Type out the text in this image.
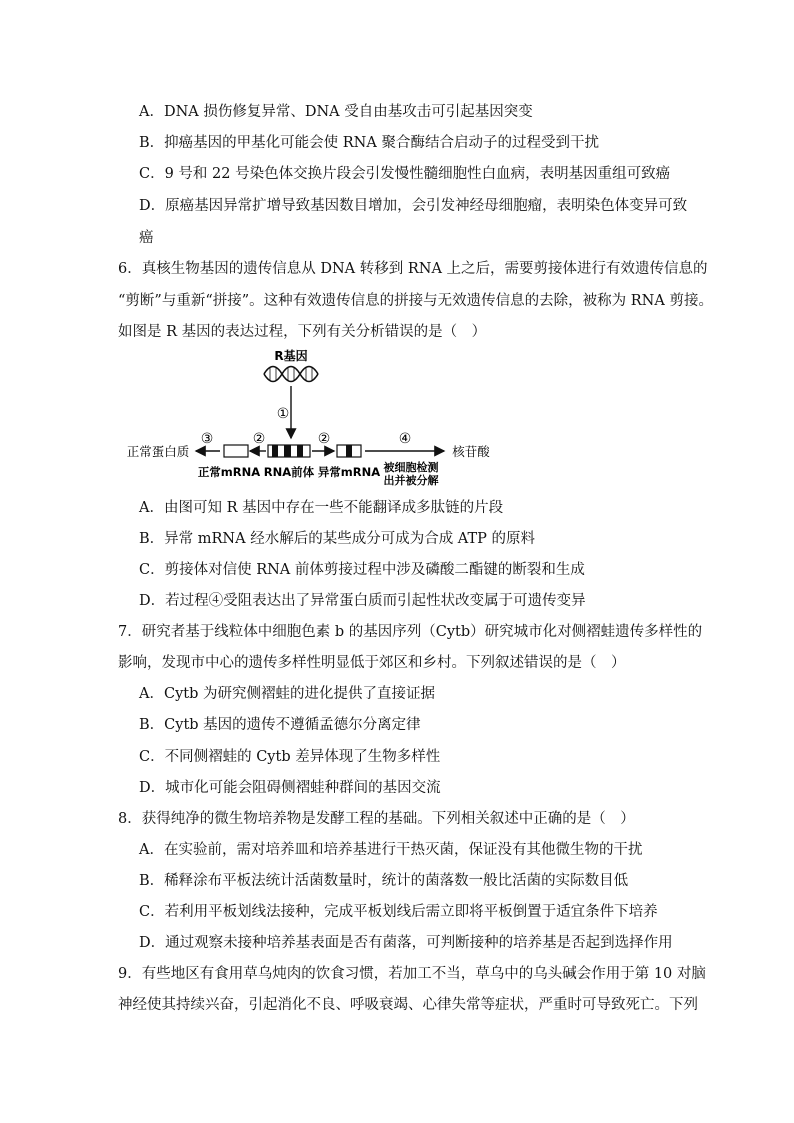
A．DNA 损伤修复异常、DNA 受自由基攻击可引起基因突变
B．抑癌基因的甲基化可能会使 RNA 聚合酶结合启动子的过程受到干扰
C．9 号和 22 号染色体交换片段会引发慢性髓细胞性白血病，表明基因重组可致癌
D．原癌基因异常扩增导致基因数目增加，会引发神经母细胞瘤，表明染色体变异可致
癌
6．真核生物基因的遗传信息从 DNA 转移到 RNA 上之后，需要剪接体进行有效遗传信息的
“剪断”与重新“拼接”。这种有效遗传信息的拼接与无效遗传信息的去除，被称为 RNA 剪接。
如图是 R 基因的表达过程，下列有关分析错误的是（　）
R基因
①
②
③
正常蛋白质
②	④
核苷酸
正常mRNA RNA前体 异常mRNA 被细胞检测
出并被分解
A．由图可知 R 基因中存在一些不能翻译成多肽链的片段
B．异常 mRNA 经水解后的某些成分可成为合成 ATP 的原料
C．剪接体对信使 RNA 前体剪接过程中涉及磷酸二酯键的断裂和生成
D．若过程④受阻表达出了异常蛋白质而引起性状改变属于可遗传变异
7．研究者基于线粒体中细胞色素 b 的基因序列（Cytb）研究城市化对侧褶蛙遗传多样性的
影响，发现市中心的遗传多样性明显低于郊区和乡村。下列叙述错误的是（　）
A．Cytb 为研究侧褶蛙的进化提供了直接证据
B．Cytb 基因的遗传不遵循孟德尔分离定律
C．不同侧褶蛙的 Cytb 差异体现了生物多样性
D．城市化可能会阻碍侧褶蛙种群间的基因交流
8．获得纯净的微生物培养物是发酵工程的基础。下列相关叙述中正确的是（　）
A．在实验前，需对培养皿和培养基进行干热灭菌，保证没有其他微生物的干扰
B．稀释涂布平板法统计活菌数量时，统计的菌落数一般比活菌的实际数目低
C．若利用平板划线法接种，完成平板划线后需立即将平板倒置于适宜条件下培养
D．通过观察未接种培养基表面是否有菌落，可判断接种的培养基是否起到选择作用
9．有些地区有食用草乌炖肉的饮食习惯，若加工不当，草乌中的乌头碱会作用于第 10 对脑
神经使其持续兴奋，引起消化不良、呼吸衰竭、心律失常等症状，严重时可导致死亡。下列
